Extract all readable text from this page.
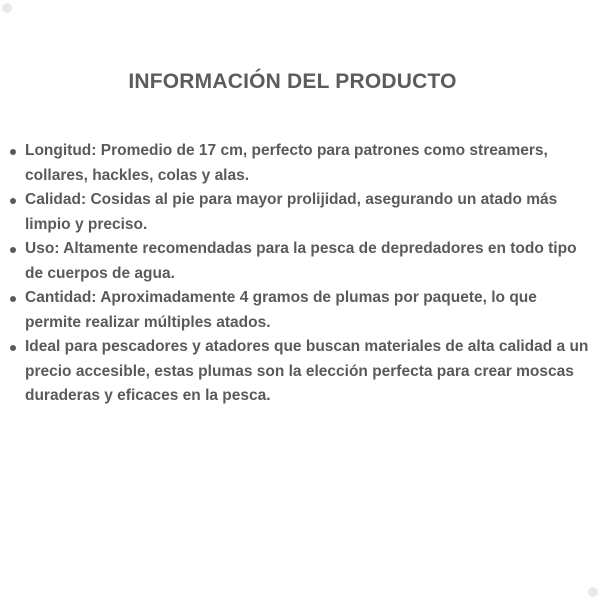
INFORMACIÓN DEL PRODUCTO
Longitud: Promedio de 17 cm, perfecto para patrones como streamers,
collares, hackles, colas y alas.
Calidad: Cosidas al pie para mayor prolijidad, asegurando un atado más
limpio y preciso.
Uso: Altamente recomendadas para la pesca de depredadores en todo tipo
de cuerpos de agua.
Cantidad: Aproximadamente 4 gramos de plumas por paquete, lo que
permite realizar múltiples atados.
Ideal para pescadores y atadores que buscan materiales de alta calidad a un
precio accesible, estas plumas son la elección perfecta para crear moscas
duraderas y eficaces en la pesca.
